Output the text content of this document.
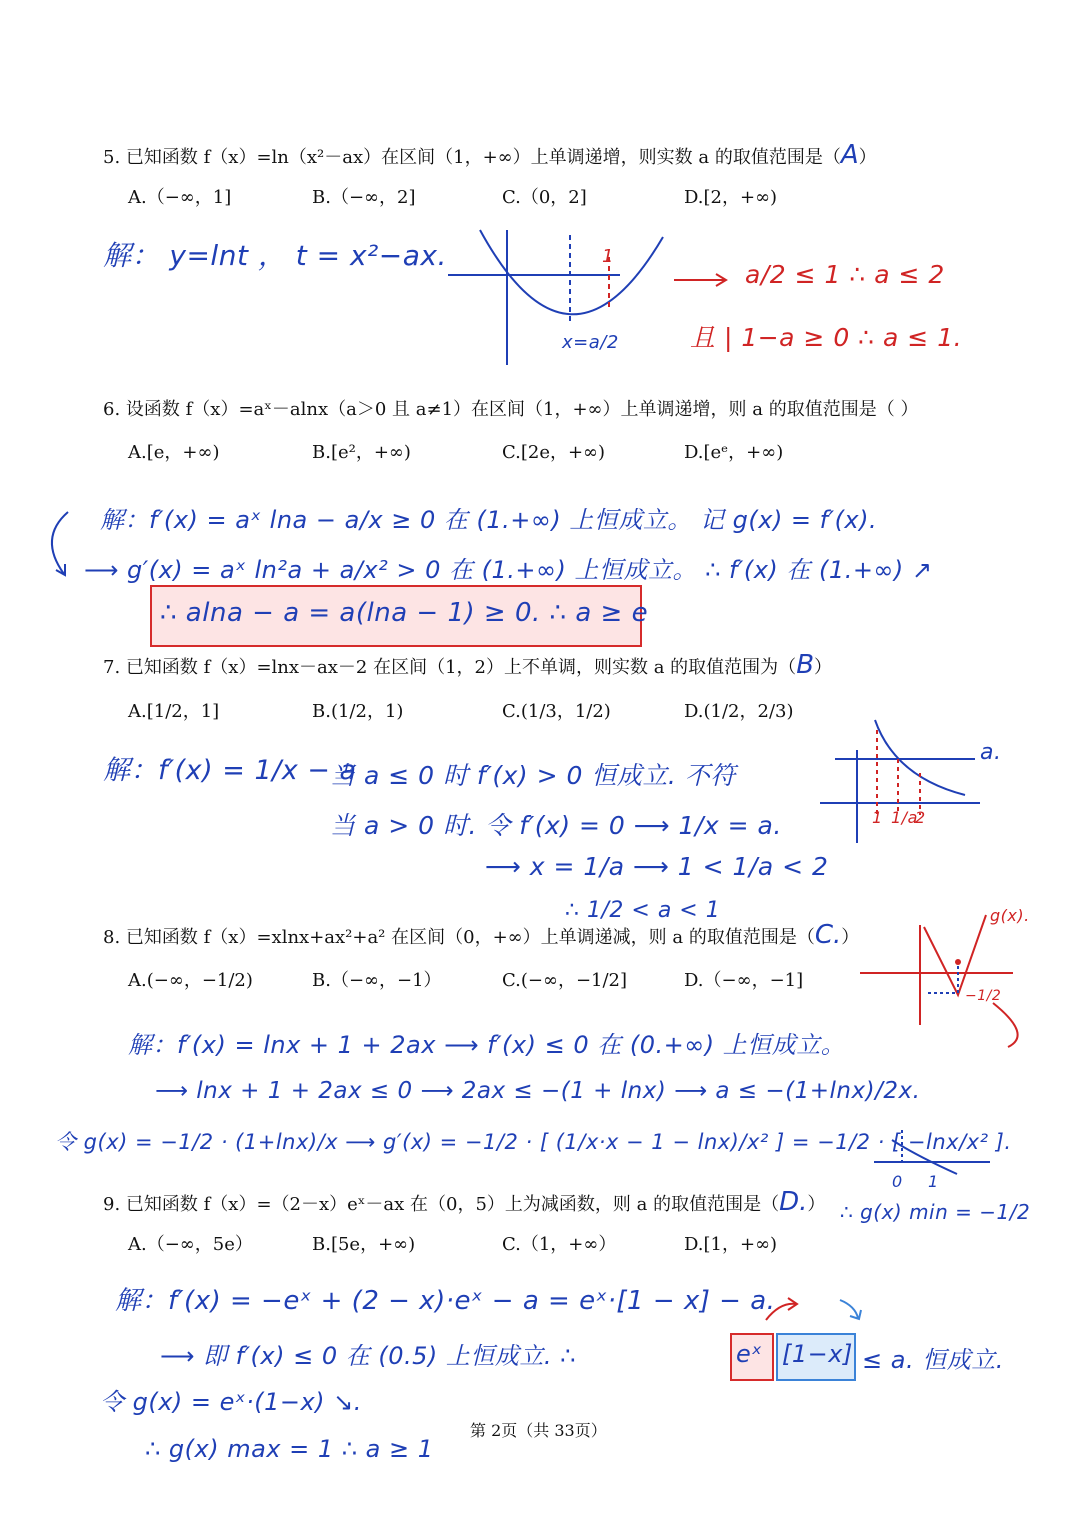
5. 已知函数 f（x）=ln（x²－ax）在区间（1，+∞）上单调递增，则实数 a 的取值范围是（A）
A.（−∞，1]	B.（−∞，2]	C.（0，2]	D.[2，+∞)
解： y=lnt ， t = x²−ax.	1
x=a/2
a/2 ≤ 1 ∴ a ≤ 2
且 | 1−a ≥ 0 ∴ a ≤ 1.
6. 设函数 f（x）=aˣ－alnx（a＞0 且 a≠1）在区间（1，+∞）上单调递增，则 a 的取值范围是（ ）
A.[e，+∞)	B.[e²，+∞)	C.[2e，+∞)	D.[eᵉ，+∞)
解：f′(x) = aˣ lna − a/x ≥ 0 在 (1.+∞) 上恒成立。 记 g(x) = f′(x).
⟶ g′(x) = aˣ ln²a + a/x² > 0 在 (1.+∞) 上恒成立。 ∴ f′(x) 在 (1.+∞) ↗
∴ alna − a = a(lna − 1) ≥ 0. ∴ a ≥ e
7. 已知函数 f（x）=lnx－ax－2 在区间（1，2）上不单调，则实数 a 的取值范围为（B）
A.[1/2，1]	B.(1/2，1)	C.(1/3，1/2)	D.(1/2，2/3)
解：f′(x) = 1/x − a
当 a ≤ 0 时 f′(x) > 0 恒成立. 不符
当 a > 0 时. 令 f′(x) = 0 ⟶ 1/x = a.
⟶ x = 1/a ⟶ 1 < 1/a < 2
∴ 1/2 < a < 1
a.
1 1/a
2
8. 已知函数 f（x）=xlnx+ax²+a² 在区间（0，+∞）上单调递减，则 a 的取值范围是（C.）
A.(−∞，−1/2)	B.（−∞，−1）	C.(−∞，−1/2]	D.（−∞，−1]
g(x).
−1/2
解：f′(x) = lnx + 1 + 2ax ⟶ f′(x) ≤ 0 在 (0.+∞) 上恒成立。
⟶ lnx + 1 + 2ax ≤ 0 ⟶ 2ax ≤ −(1 + lnx) ⟶ a ≤ −(1+lnx)/2x.
令 g(x) = −1/2 · (1+lnx)/x ⟶ g′(x) = −1/2 · [ (1/x·x − 1 − lnx)/x² ] = −1/2 · [ −lnx/x² ].
0 1
∴ g(x) min = −1/2
9. 已知函数 f（x）=（2－x）eˣ－ax 在（0，5）上为减函数，则 a 的取值范围是（D.）
A.（−∞，5e）	B.[5e，+∞)	C.（1，+∞）	D.[1，+∞)
解：f′(x) = −eˣ + (2 − x)·eˣ − a = eˣ·[1 − x] − a.
⟶ 即 f′(x) ≤ 0 在 (0.5) 上恒成立. ∴	eˣ [1−x] ≤ a. 恒成立.
令 g(x) = eˣ·(1−x) ↘.
∴ g(x) max = 1 ∴ a ≥ 1
第 2页（共 33页）
